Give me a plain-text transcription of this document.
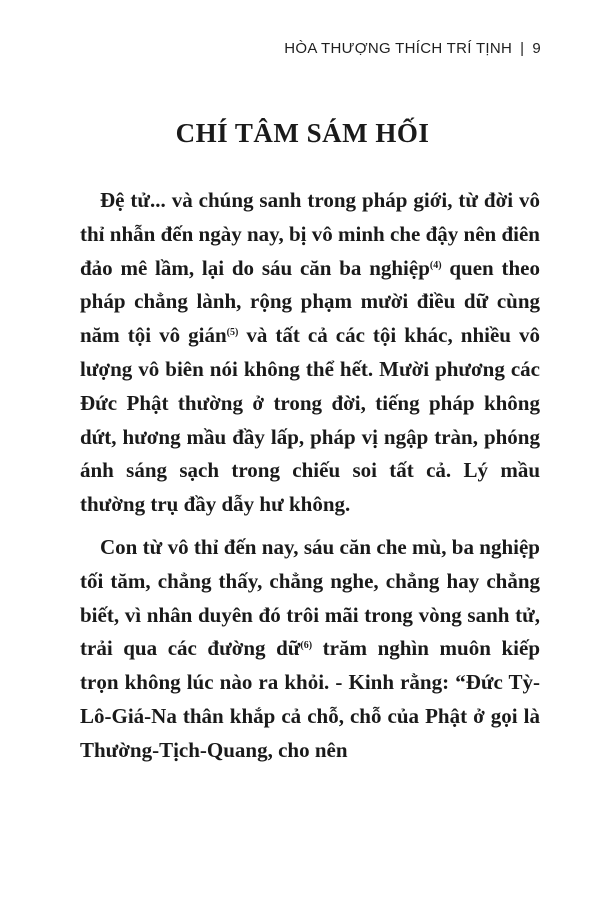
HÒA THƯỢNG THÍCH TRÍ TỊNH | 9
CHÍ TÂM SÁM HỐI

Đệ tử... và chúng sanh trong pháp giới, từ đời vô thỉ nhẫn đến ngày nay, bị vô minh che đậy nên điên đảo mê lầm, lại do sáu căn ba nghiệp$^{(4)}$ quen theo pháp chẳng lành, rộng phạm mười điều dữ cùng năm tội vô gián$^{(5)}$ và tất cả các tội khác, nhiều vô lượng vô biên nói không thể hết. Mười phương các Đức Phật thường ở trong đời, tiếng pháp không dứt, hương mầu đầy lấp, pháp vị ngập tràn, phóng ánh sáng sạch trong chiếu soi tất cả. Lý mầu thường trụ đầy dẫy hư không.

Con từ vô thỉ đến nay, sáu căn che mù, ba nghiệp tối tăm, chẳng thấy, chẳng nghe, chẳng hay chẳng biết, vì nhân duyên đó trôi mãi trong vòng sanh tử, trải qua các đường dữ$^{(6)}$ trăm nghìn muôn kiếp trọn không lúc nào ra khỏi. - Kinh rằng: “Đức Tỳ-Lô-Giá-Na thân khắp cả chỗ, chỗ của Phật ở gọi là Thường-Tịch-Quang, cho nên
